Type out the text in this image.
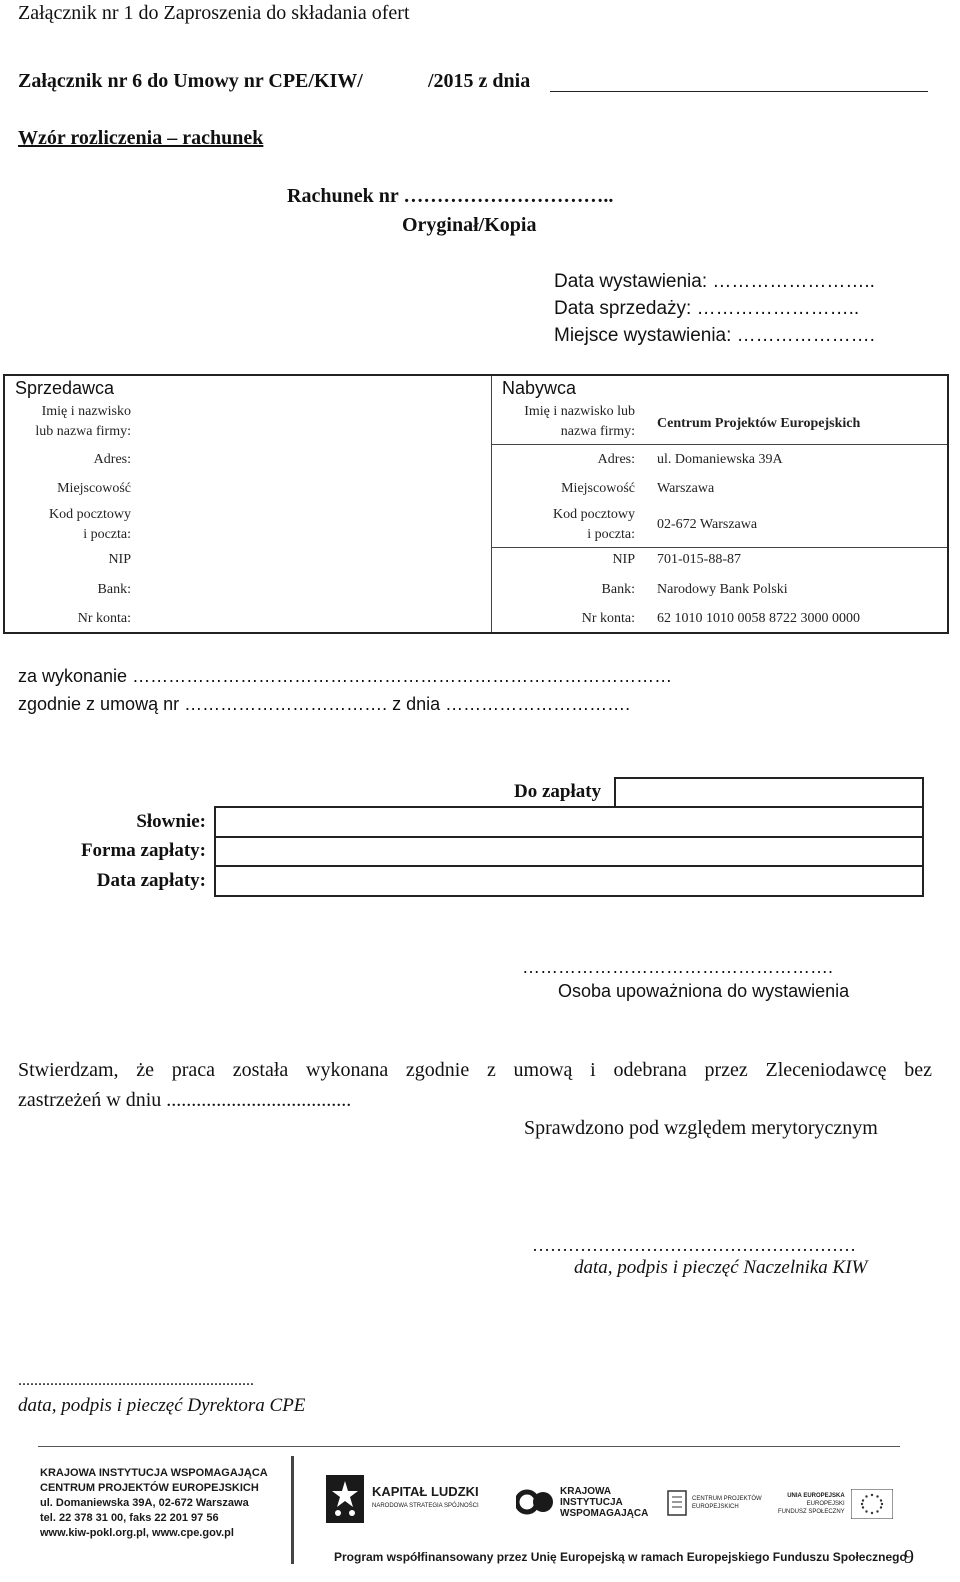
Załącznik nr 1 do Zaproszenia do składania ofert
Załącznik nr 6 do Umowy nr CPE/KIW/	/2015 z dnia
Wzór rozliczenia – rachunek
Rachunek nr …………………………..
Oryginał/Kopia
Data wystawienia: ……………………..
Data sprzedaży: ……………………..
Miejsce wystawienia: ………………….
Sprzedawca
Imię i nazwisko
lub nazwa firmy:
Adres:
Miejscowość
Kod pocztowy
i poczta:
NIP
Bank:
Nr konta:
Nabywca
Imię i nazwisko lub
nazwa firmy:
Centrum Projektów Europejskich
Adres: ul. Domaniewska 39A
Miejscowość Warszawa
Kod pocztowy
i poczta:
02-672 Warszawa
NIP 701-015-88-87
Bank: Narodowy Bank Polski
Nr konta: 62 1010 1010 0058 8722 3000 0000
za wykonanie ………………………………………………………………………………
zgodnie z umową nr ……………………………. z dnia ………………………….
Do zapłaty
Słownie:
Forma zapłaty:
Data zapłaty:
…………………………………………….
Osoba upoważniona do wystawienia
Stwierdzam, że praca została wykonana zgodnie z umową i odebrana przez Zleceniodawcę bez
zastrzeżeń w dniu .....................................
Sprawdzono pod względem merytorycznym
………………………………………………
data, podpis i pieczęć Naczelnika KIW
...........................................................
data, podpis i pieczęć Dyrektora CPE
KRAJOWA INSTYTUCJA WSPOMAGAJĄCA
CENTRUM PROJEKTÓW EUROPEJSKICH
ul. Domaniewska 39A, 02-672 Warszawa
tel. 22 378 31 00, faks 22 201 97 56
www.kiw-pokl.org.pl, www.cpe.gov.pl
KAPITAŁ LUDZKI
NARODOWA STRATEGIA SPÓJNOŚCI
KRAJOWA
INSTYTUCJA
WSPOMAGAJĄCA
CENTRUM PROJEKTÓW
EUROPEJSKICH
UNIA EUROPEJSKA
EUROPEJSKI
FUNDUSZ SPOŁECZNY
Program współfinansowany przez Unię Europejską w ramach Europejskiego Funduszu Społecznego
9
